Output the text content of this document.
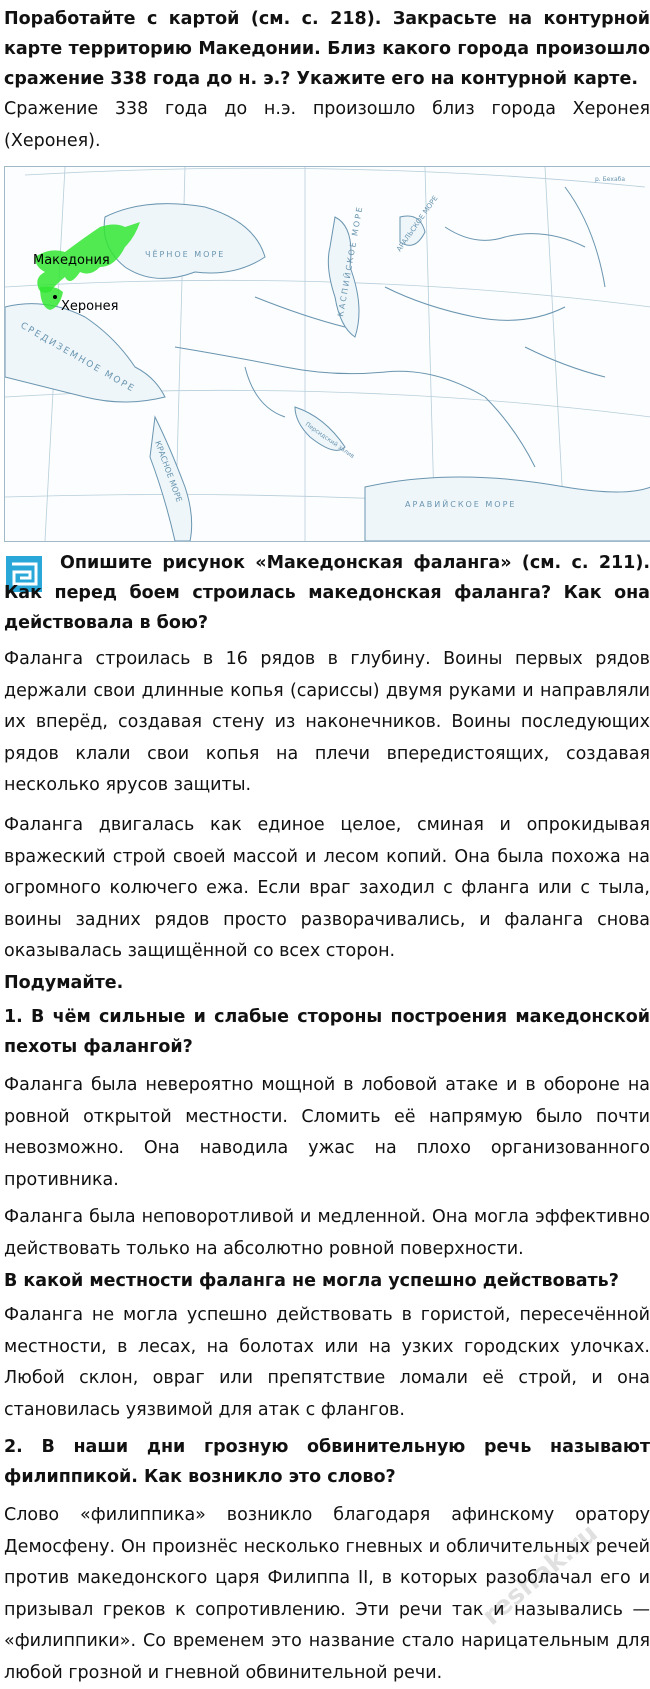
Поработайте с картой (см. с. 218). Закрасьте на контурной карте территорию Македонии. Близ какого города произошло сражение 338 года до н. э.? Укажите его на контурной карте.
Сражение 338 года до н.э. произошло близ города Херонея (Херонея).
Македония
Херонея
ЧЁРНОЕ МОРЕ	КАСПИЙСКОЕ МОРЕ	АРАЛЬСКОЕ МОРЕ
СРЕДИЗЕМНОЕ МОРЕ
КРАСНОЕ МОРЕ	Персидский залив
АРАВИЙСКОЕ МОРЕ
р. Бехаба
Опишите рисунок «Македонская фаланга» (см. с. 211). Как перед боем строилась македонская фаланга? Как она действовала в бою?
Фаланга строилась в 16 рядов в глубину. Воины первых рядов держали свои длинные копья (сариссы) двумя руками и направляли их вперёд, создавая стену из наконечников. Воины последующих рядов клали свои копья на плечи впередистоящих, создавая несколько ярусов защиты.
Фаланга двигалась как единое целое, сминая и опрокидывая вражеский строй своей массой и лесом копий. Она была похожа на огромного колючего ежа. Если враг заходил с фланга или с тыла, воины задних рядов просто разворачивались, и фаланга снова оказывалась защищённой со всех сторон.
Подумайте.
1. В чём сильные и слабые стороны построения македонской пехоты фалангой?
Фаланга была невероятно мощной в лобовой атаке и в обороне на ровной открытой местности. Сломить её напрямую было почти невозможно. Она наводила ужас на плохо организованного противника.
Фаланга была неповоротливой и медленной. Она могла эффективно действовать только на абсолютно ровной поверхности.
В какой местности фаланга не могла успешно действовать?
Фаланга не могла успешно действовать в гористой, пересечённой местности, в лесах, на болотах или на узких городских улочках. Любой склон, овраг или препятствие ломали её строй, и она становилась уязвимой для атак с флангов.
2. В наши дни грозную обвинительную речь называют филиппикой. Как возникло это слово?
Слово «филиппика» возникло благодаря афинскому оратору Демосфену. Он произнёс несколько гневных и обличительных речей против македонского царя Филиппа II, в которых разоблачал его и призывал греков к сопротивлению. Эти речи так и назывались — «филиппики». Со временем это название стало нарицательным для любой грозной и гневной обвинительной речи.
reshak.ru
